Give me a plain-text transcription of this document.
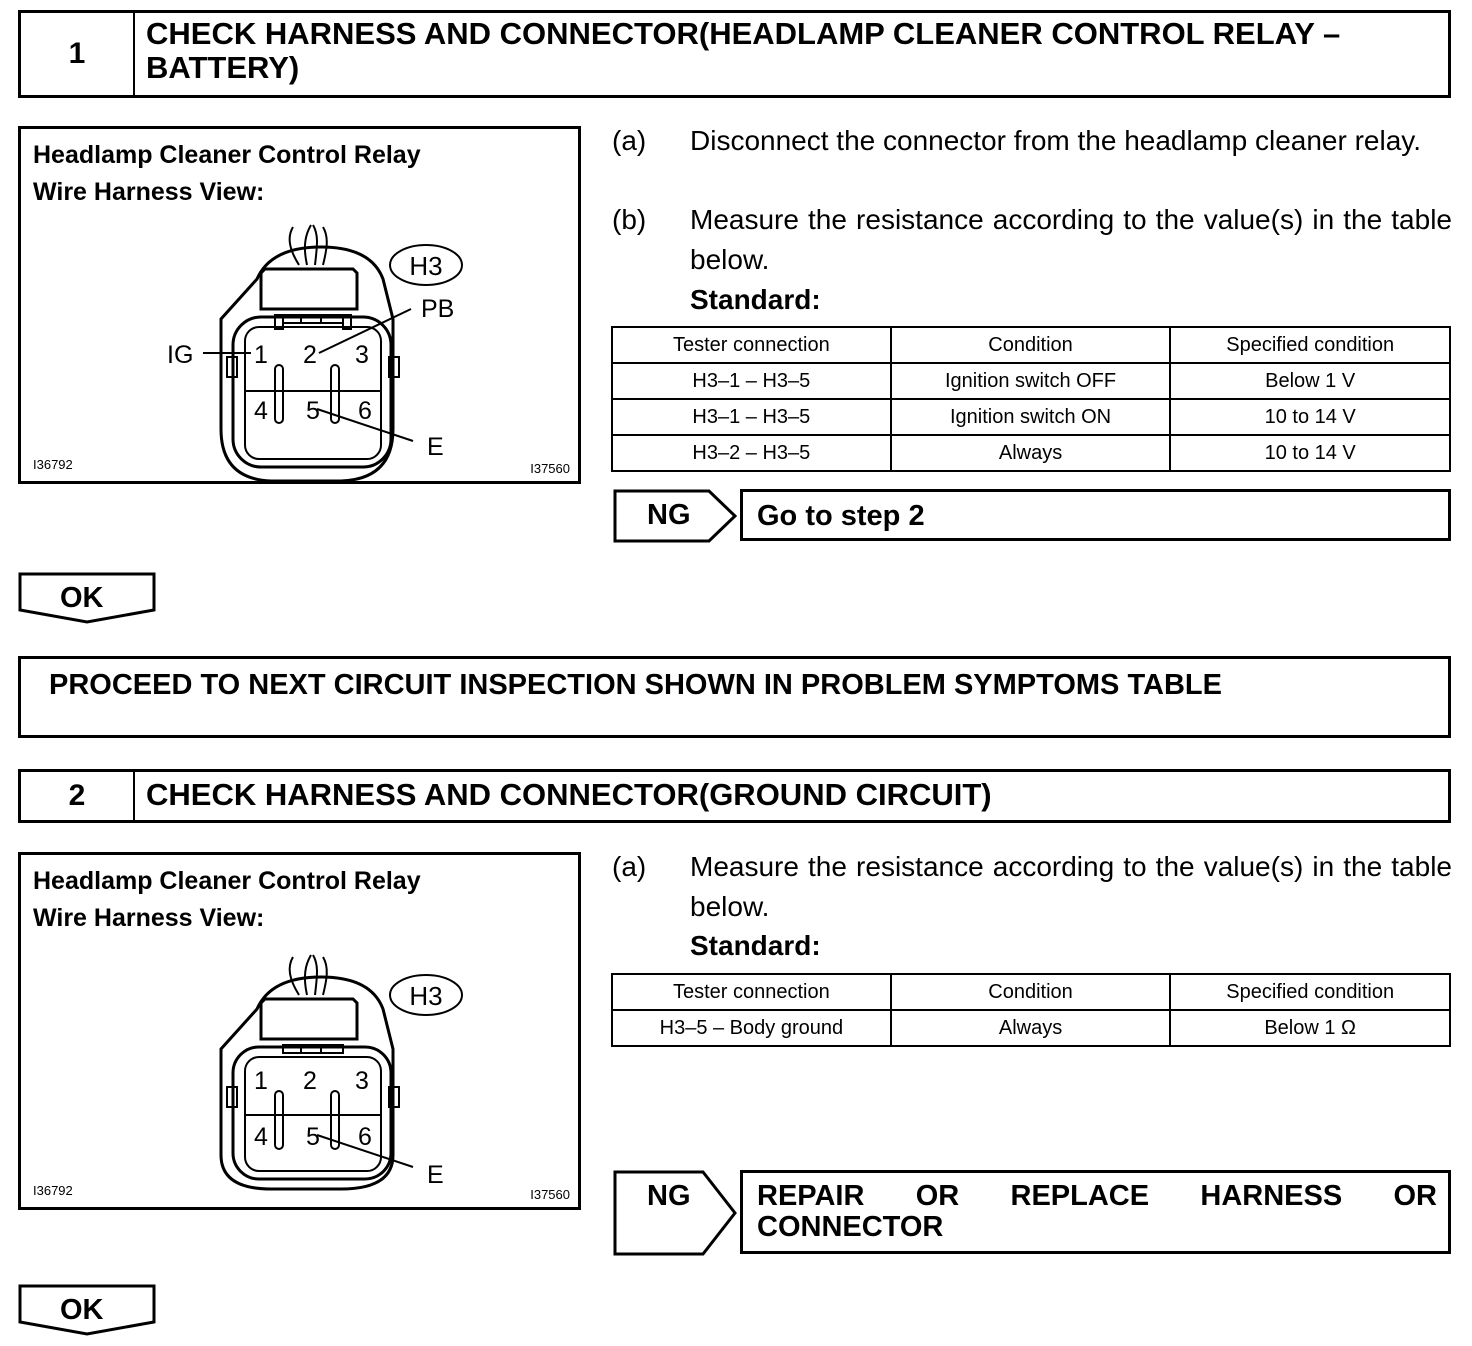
1
CHECK HARNESS AND CONNECTOR(HEADLAMP CLEANER CONTROL RELAY – BATTERY)
Headlamp Cleaner Control Relay
Wire Harness View:
H3
1 2 3
4 5 6
IG
PB
E
I36792	I37560
(a) Disconnect the connector from the headlamp cleaner relay.
(b) Measure the resistance according to the value(s) in the table below.
Standard:
Tester connection	Condition	Specified condition
H3–1 – H3–5	Ignition switch OFF	Below 1 V
H3–1 – H3–5	Ignition switch ON	10 to 14 V
H3–2 – H3–5	Always	10 to 14 V
NG Go to step 2
OK
PROCEED TO NEXT CIRCUIT INSPECTION SHOWN IN PROBLEM SYMPTOMS TABLE
2	CHECK HARNESS AND CONNECTOR(GROUND CIRCUIT)
Headlamp Cleaner Control Relay
Wire Harness View:
H3
1 2 3
4 5 6
E
I36792	I37560
(a) Measure the resistance according to the value(s) in the table below.
Standard:
Tester connection	Condition	Specified condition
H3–5 – Body ground	Always	Below 1 Ω
NG REPAIR OR REPLACE HARNESS OR CONNECTOR
OK
